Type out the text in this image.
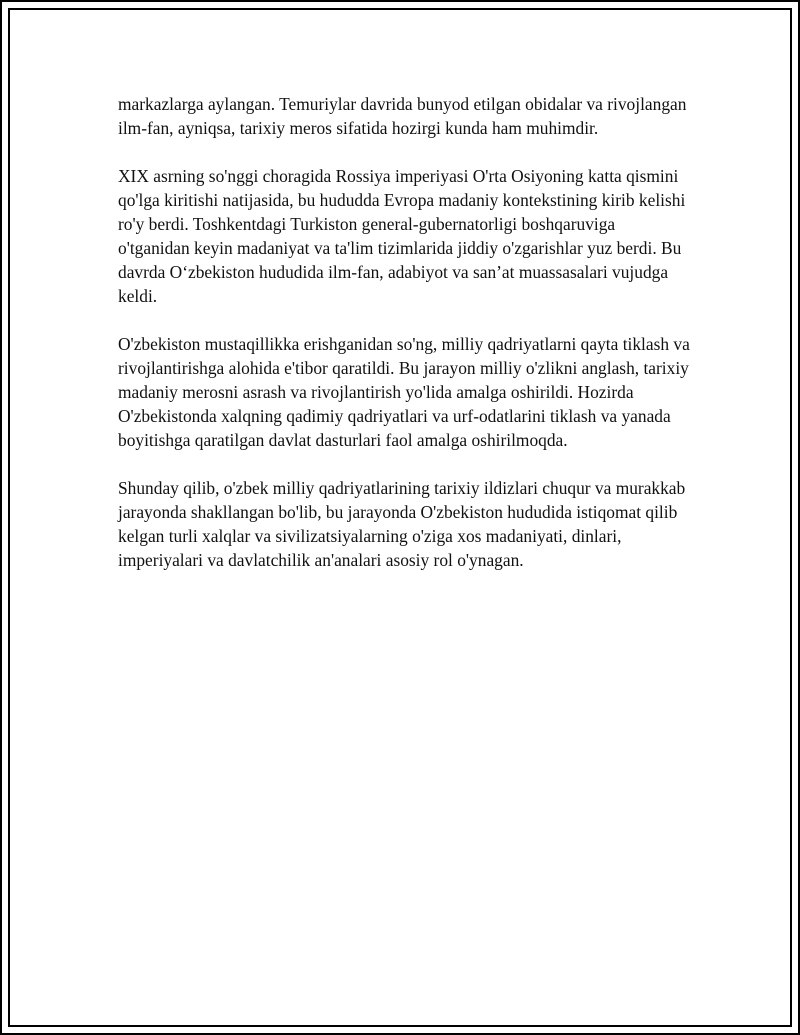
markazlarga aylangan. Temuriylar davrida bunyod etilgan obidalar va rivojlangan ilm-fan, ayniqsa, tarixiy meros sifatida hozirgi kunda ham muhimdir.

XIX asrning so'nggi choragida Rossiya imperiyasi O'rta Osiyoning katta qismini qo'lga kiritishi natijasida, bu hududda Evropa madaniy kontekstining kirib kelishi ro'y berdi. Toshkentdagi Turkiston general-gubernatorligi boshqaruviga o'tganidan keyin madaniyat va ta'lim tizimlarida jiddiy o'zgarishlar yuz berdi. Bu davrda O‘zbekiston hududida ilm-fan, adabiyot va san’at muassasalari vujudga keldi.

O'zbekiston mustaqillikka erishganidan so'ng, milliy qadriyatlarni qayta tiklash va rivojlantirishga alohida e'tibor qaratildi. Bu jarayon milliy o'zlikni anglash, tarixiy madaniy merosni asrash va rivojlantirish yo'lida amalga oshirildi. Hozirda O'zbekistonda xalqning qadimiy qadriyatlari va urf-odatlarini tiklash va yanada boyitishga qaratilgan davlat dasturlari faol amalga oshirilmoqda.

Shunday qilib, o'zbek milliy qadriyatlarining tarixiy ildizlari chuqur va murakkab jarayonda shakllangan bo'lib, bu jarayonda O'zbekiston hududida istiqomat qilib kelgan turli xalqlar va sivilizatsiyalarning o'ziga xos madaniyati, dinlari, imperiyalari va davlatchilik an'analari asosiy rol o'ynagan.
